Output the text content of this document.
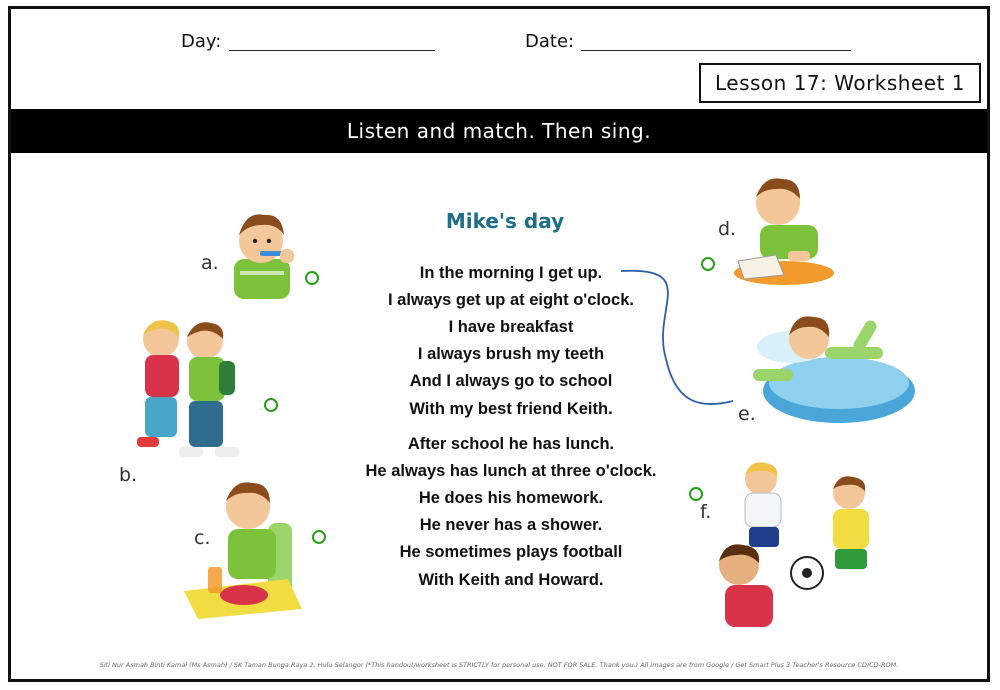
Day:	Date:
Lesson 17: Worksheet 1
Listen and match. Then sing.
Mike's day
In the morning I get up.
I always get up at eight o'clock.
I have breakfast
I always brush my teeth
And I always go to school
With my best friend Keith.
After school he has lunch.
He always has lunch at three o'clock.
He does his homework.
He never has a shower.
He sometimes plays football
With Keith and Howard.
a.
b.
c.
d.
e.
f.
Siti Nur Asmah Binti Kamal (Ms Asmah) / SK Taman Bunga Raya 2, Hulu Selangor (*This handout/worksheet is STRICTLY for personal use, NOT FOR SALE. Thank you.) All images are from Google / Get Smart Plus 3 Teacher's Resource CD/CD-ROM.
